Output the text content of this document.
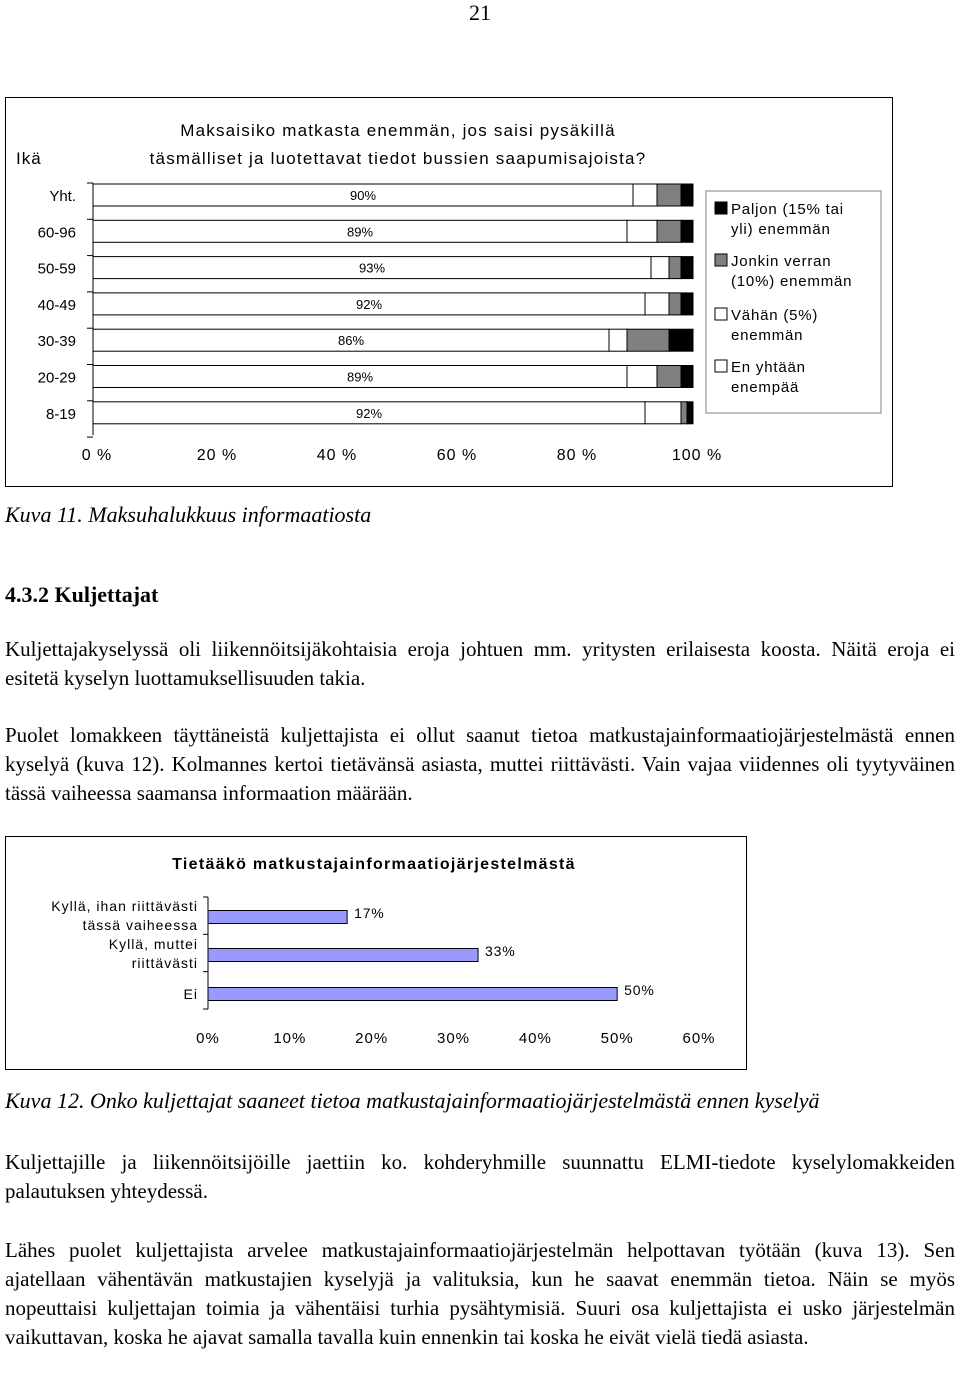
21
Maksaisiko matkasta enemmän, jos saisi pysäkillä
täsmälliset ja luotettavat tiedot bussien saapumisajoista?
Ikä
Yht.	90%
60-96	89%
50-59	93%
40-49	92%
30-39	86%
20-29	89%
8-19	92%
Paljon (15% tai
yli) enemmän
Jonkin verran
(10%) enemmän
Vähän (5%)
enemmän
En yhtään
enempää
0 %	20 %	40 %	60 %	80 %	100 %
Kuva 11. Maksuhalukkuus informaatiosta
4.3.2 Kuljettajat
Kuljettajakyselyssä oli liikennöitsijäkohtaisia eroja johtuen mm. yritysten erilaisesta koosta. Näitä eroja ei esitetä kyselyn luottamuksellisuuden takia.
Puolet lomakkeen täyttäneistä kuljettajista ei ollut saanut tietoa matkustajainformaatiojärjestelmästä ennen kyselyä (kuva 12). Kolmannes kertoi tietävänsä asiasta, muttei riittävästi. Vain vajaa viidennes oli tyytyväinen tässä vaiheessa saamansa informaation määrään.
Tietääkö matkustajainformaatiojärjestelmästä
17%
Kyllä, ihan riittävästi
tässä vaiheessa
33%
Kyllä, muttei
riittävästi
50%
Ei
0%	10%	20%	30%	40%	50%	60%
Kuva 12. Onko kuljettajat saaneet tietoa matkustajainformaatiojärjestelmästä ennen kyselyä
Kuljettajille ja liikennöitsijöille jaettiin ko. kohderyhmille suunnattu ELMI-tiedote kyselylomakkeiden palautuksen yhteydessä.
Lähes puolet kuljettajista arvelee matkustajainformaatiojärjestelmän helpottavan työtään (kuva 13). Sen ajatellaan vähentävän matkustajien kyselyjä ja valituksia, kun he saavat enemmän tietoa. Näin se myös nopeuttaisi kuljettajan toimia ja vähentäisi turhia pysähtymisiä. Suuri osa kuljettajista ei usko järjestelmän vaikuttavan, koska he ajavat samalla tavalla kuin ennenkin tai koska he eivät vielä tiedä asiasta.
